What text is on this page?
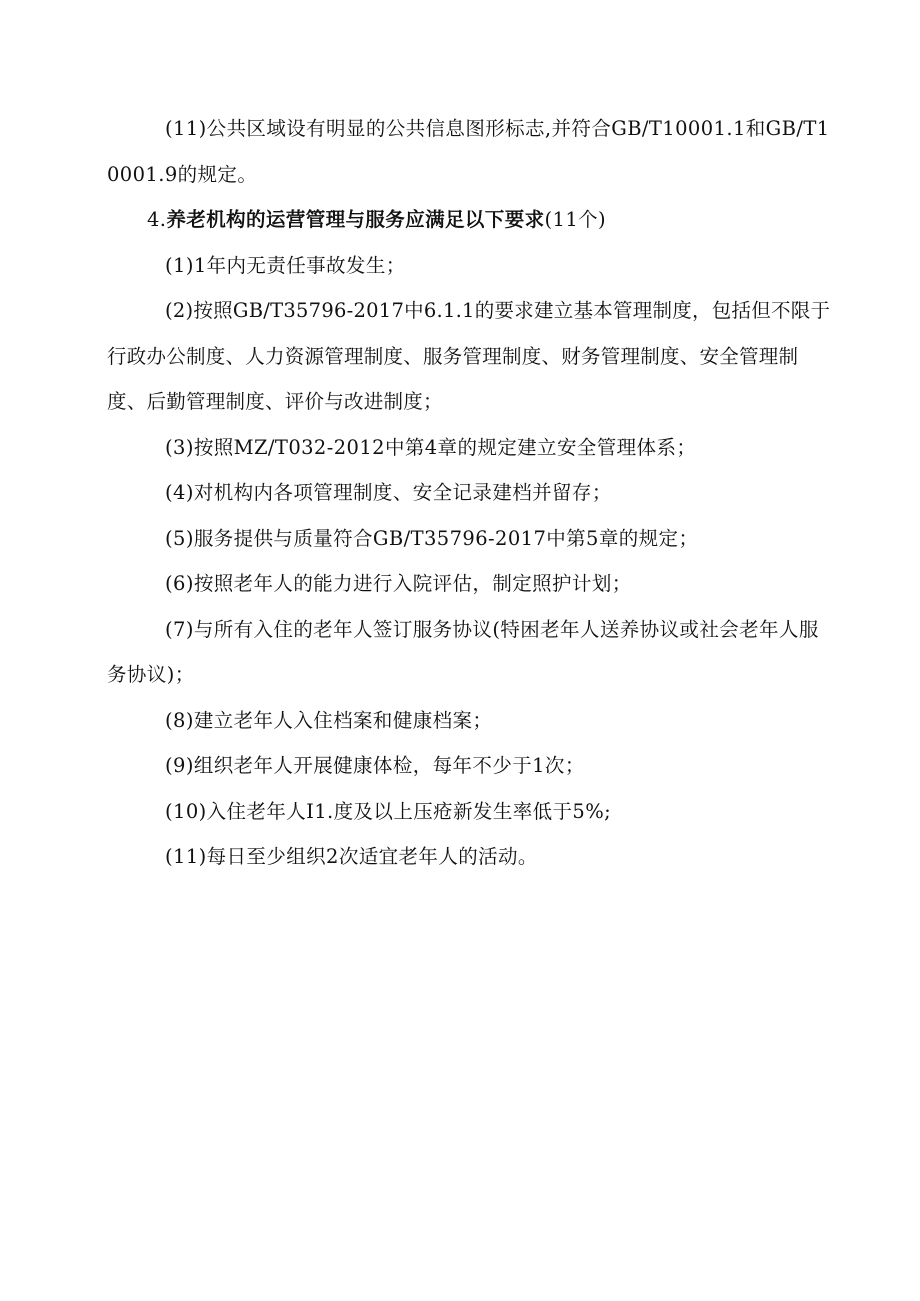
(11)公共区域设有明显的公共信息图形标志,并符合GB/T10001.1和GB/T10001.9的规定。

4.养老机构的运营管理与服务应满足以下要求(11个)

(1)1年内无责任事故发生；

(2)按照GB/T35796-2017中6.1.1的要求建立基本管理制度，包括但不限于行政办公制度、人力资源管理制度、服务管理制度、财务管理制度、安全管理制度、后勤管理制度、评价与改进制度；

(3)按照MZ/T032-2012中第4章的规定建立安全管理体系；

(4)对机构内各项管理制度、安全记录建档并留存；

(5)服务提供与质量符合GB/T35796-2017中第5章的规定；

(6)按照老年人的能力进行入院评估，制定照护计划；

(7)与所有入住的老年人签订服务协议(特困老年人送养协议或社会老年人服务协议)；

(8)建立老年人入住档案和健康档案；

(9)组织老年人开展健康体检，每年不少于1次；

(10)入住老年人I1.度及以上压疮新发生率低于5%;

(11)每日至少组织2次适宜老年人的活动。
